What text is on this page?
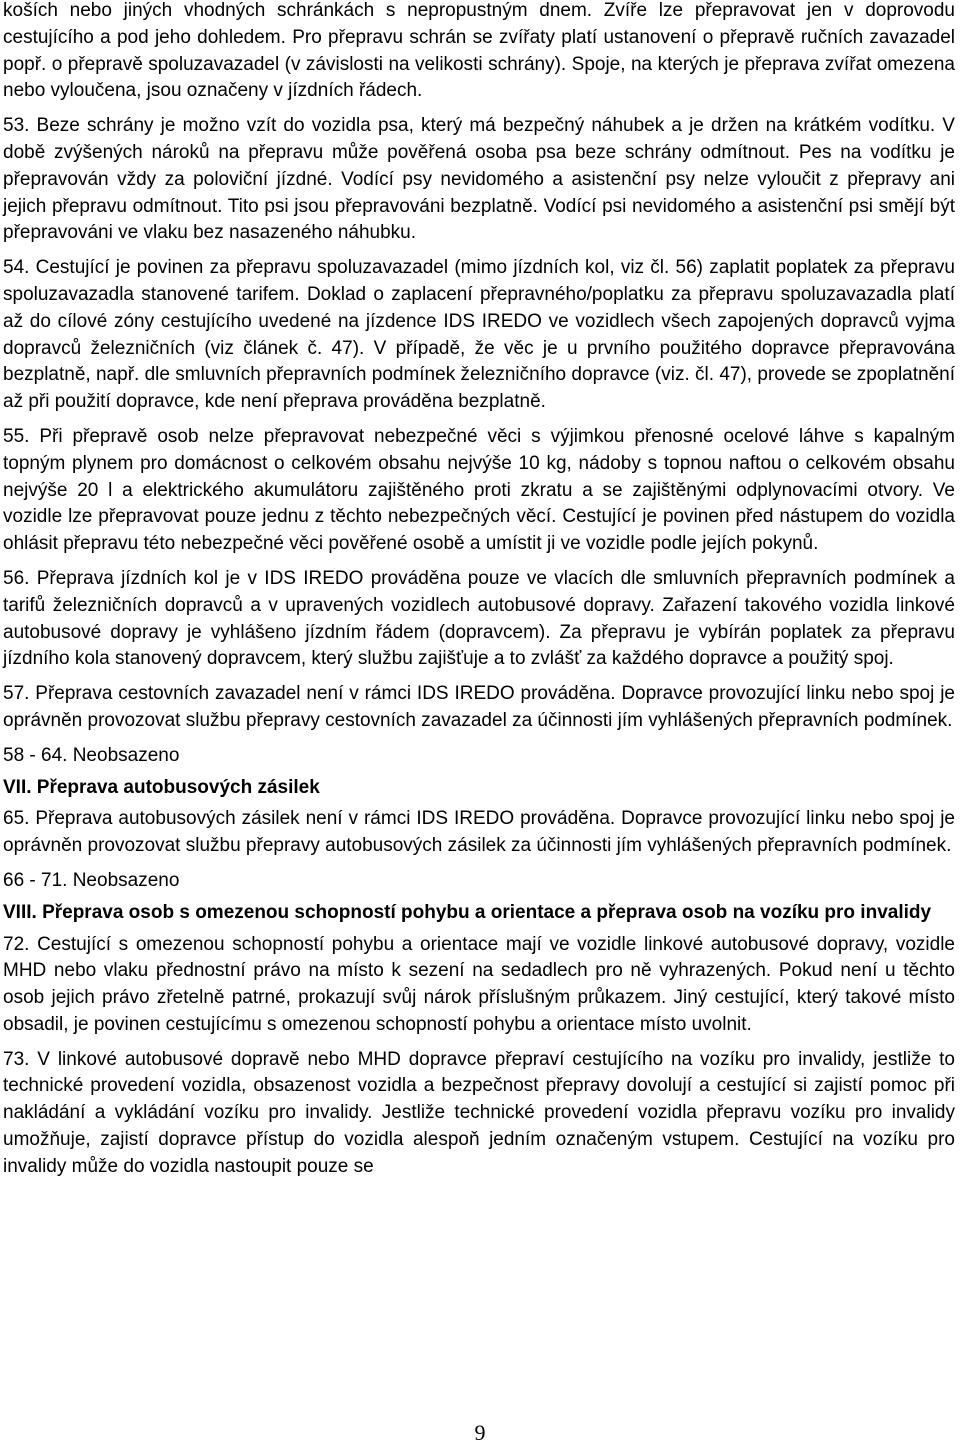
koších nebo jiných vhodných schránkách s nepropustným dnem. Zvíře lze přepravovat jen v doprovodu cestujícího a pod jeho dohledem. Pro přepravu schrán se zvířaty platí ustanovení o přepravě ručních zavazadel popř. o přepravě spoluzavazadel (v závislosti na velikosti schrány). Spoje, na kterých je přeprava zvířat omezena nebo vyloučena, jsou označeny v jízdních řádech.

53. Beze schrány je možno vzít do vozidla psa, který má bezpečný náhubek a je držen na krátkém vodítku. V době zvýšených nároků na přepravu může pověřená osoba psa beze schrány odmítnout. Pes na vodítku je přepravován vždy za poloviční jízdné. Vodící psy nevidomého a asistenční psy nelze vyloučit z přepravy ani jejich přepravu odmítnout. Tito psi jsou přepravováni bezplatně. Vodící psi nevidomého a asistenční psi smějí být přepravováni ve vlaku bez nasazeného náhubku.

54. Cestující je povinen za přepravu spoluzavazadel (mimo jízdních kol, viz čl. 56) zaplatit poplatek za přepravu spoluzavazadla stanovené tarifem. Doklad o zaplacení přepravného/poplatku za přepravu spoluzavazadla platí až do cílové zóny cestujícího uvedené na jízdence IDS IREDO ve vozidlech všech zapojených dopravců vyjma dopravců železničních (viz článek č. 47). V případě, že věc je u prvního použitého dopravce přepravována bezplatně, např. dle smluvních přepravních podmínek železničního dopravce (viz. čl. 47), provede se zpoplatnění až při použití dopravce, kde není přeprava prováděna bezplatně.

55. Při přepravě osob nelze přepravovat nebezpečné věci s výjimkou přenosné ocelové láhve s kapalným topným plynem pro domácnost o celkovém obsahu nejvýše 10 kg, nádoby s topnou naftou o celkovém obsahu nejvýše 20 l a elektrického akumulátoru zajištěného proti zkratu a se zajištěnými odplynovacími otvory. Ve vozidle lze přepravovat pouze jednu z těchto nebezpečných věcí. Cestující je povinen před nástupem do vozidla ohlásit přepravu této nebezpečné věci pověřené osobě a umístit ji ve vozidle podle jejích pokynů.

56. Přeprava jízdních kol je v IDS IREDO prováděna pouze ve vlacích dle smluvních přepravních podmínek a tarifů železničních dopravců a v upravených vozidlech autobusové dopravy. Zařazení takového vozidla linkové autobusové dopravy je vyhlášeno jízdním řádem (dopravcem). Za přepravu je vybírán poplatek za přepravu jízdního kola stanovený dopravcem, který službu zajišťuje a to zvlášť za každého dopravce a použitý spoj.

57. Přeprava cestovních zavazadel není v rámci IDS IREDO prováděna. Dopravce provozující linku nebo spoj je oprávněn provozovat službu přepravy cestovních zavazadel za účinnosti jím vyhlášených přepravních podmínek.

58 - 64. Neobsazeno

VII. Přeprava autobusových zásilek

65. Přeprava autobusových zásilek není v rámci IDS IREDO prováděna. Dopravce provozující linku nebo spoj je oprávněn provozovat službu přepravy autobusových zásilek za účinnosti jím vyhlášených přepravních podmínek.

66 - 71. Neobsazeno

VIII. Přeprava osob s omezenou schopností pohybu a orientace a přeprava osob na vozíku pro invalidy

72. Cestující s omezenou schopností pohybu a orientace mají ve vozidle linkové autobusové dopravy, vozidle MHD nebo vlaku přednostní právo na místo k sezení na sedadlech pro ně vyhrazených. Pokud není u těchto osob jejich právo zřetelně patrné, prokazují svůj nárok příslušným průkazem. Jiný cestující, který takové místo obsadil, je povinen cestujícímu s omezenou schopností pohybu a orientace místo uvolnit.

73. V linkové autobusové dopravě nebo MHD dopravce přepraví cestujícího na vozíku pro invalidy, jestliže to technické provedení vozidla, obsazenost vozidla a bezpečnost přepravy dovolují a cestující si zajistí pomoc při nakládání a vykládání vozíku pro invalidy. Jestliže technické provedení vozidla přepravu vozíku pro invalidy umožňuje, zajistí dopravce přístup do vozidla alespoň jedním označeným vstupem. Cestující na vozíku pro invalidy může do vozidla nastoupit pouze se

9
